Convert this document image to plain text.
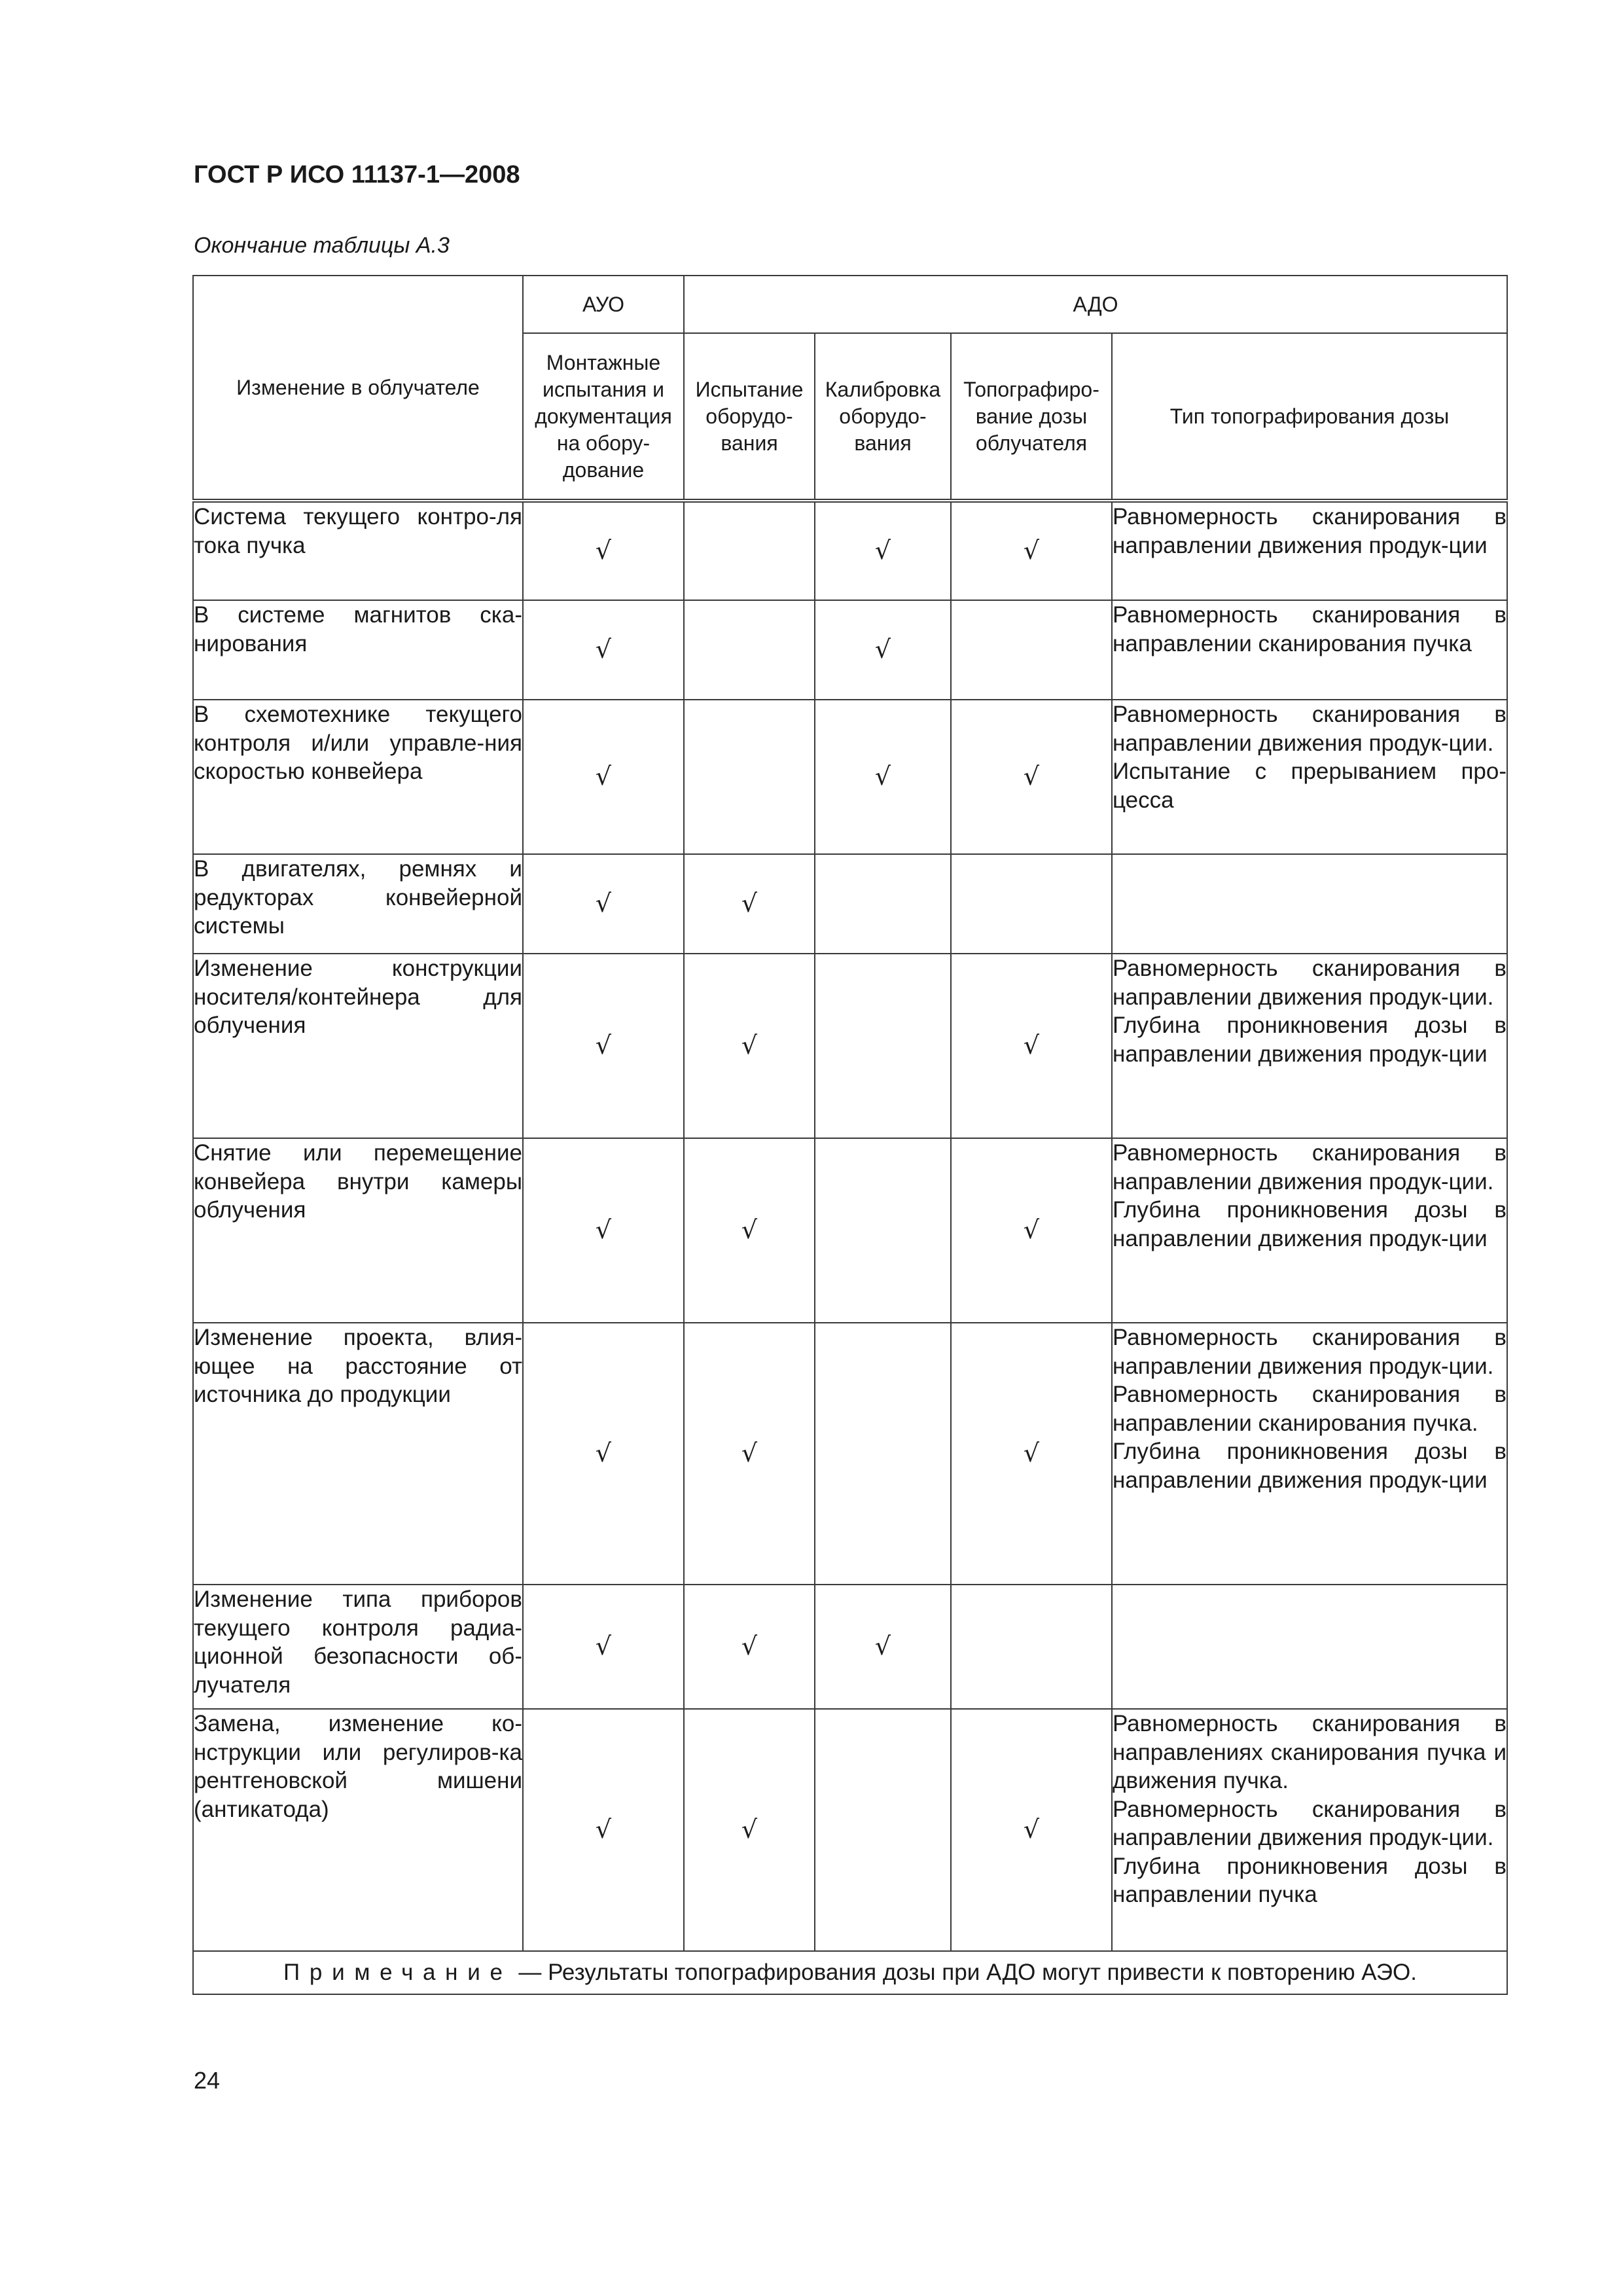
ГОСТ Р ИСО 11137-1—2008
Окончание таблицы А.3
Изменение в облучателе	АУО	АДО			
	Монтажные испытания и документация на обору-дование	Испытание оборудо-вания	Калибровка оборудо-вания	Топографиро-вание дозы облучателя	Тип топографирования дозы
Система текущего контро-ля тока пучка	√		√	√	Равномерность сканирования в направлении движения продук-ции

В системе магнитов ска-нирования	√		√		Равномерность сканирования в направлении сканирования пучка

В схемотехнике текущего контроля и/или управле-ния скоростью конвейера	√		√	√	Равномерность сканирования в направлении движения продук-ции.
Испытание с прерыванием про-цесса

В двигателях, ремнях и редукторах конвейерной системы	√	√			
Изменение конструкции носителя/контейнера для облучения	√	√		√	Равномерность сканирования в направлении движения продук-ции.
Глубина проникновения дозы в направлении движения продук-ции

Снятие или перемещение конвейера внутри камеры облучения	√	√		√	Равномерность сканирования в направлении движения продук-ции.
Глубина проникновения дозы в направлении движения продук-ции

Изменение проекта, влия-ющее на расстояние от источника до продукции	√	√		√	Равномерность сканирования в направлении движения продук-ции.
Равномерность сканирования в направлении сканирования пучка.
Глубина проникновения дозы в направлении движения продук-ции

Изменение типа приборов текущего контроля радиа-ционной безопасности об-лучателя	√	√	√		
Замена, изменение ко-нструкции или регулиров-ка рентгеновской мишени (антикатода)	√	√		√	Равномерность сканирования в направлениях сканирования пучка и движения пучка.
Равномерность сканирования в направлении движения продук-ции.
Глубина проникновения дозы в направлении пучка

Примечание — Результаты топографирования дозы при АДО могут привести к повторению АЭО.					
24
